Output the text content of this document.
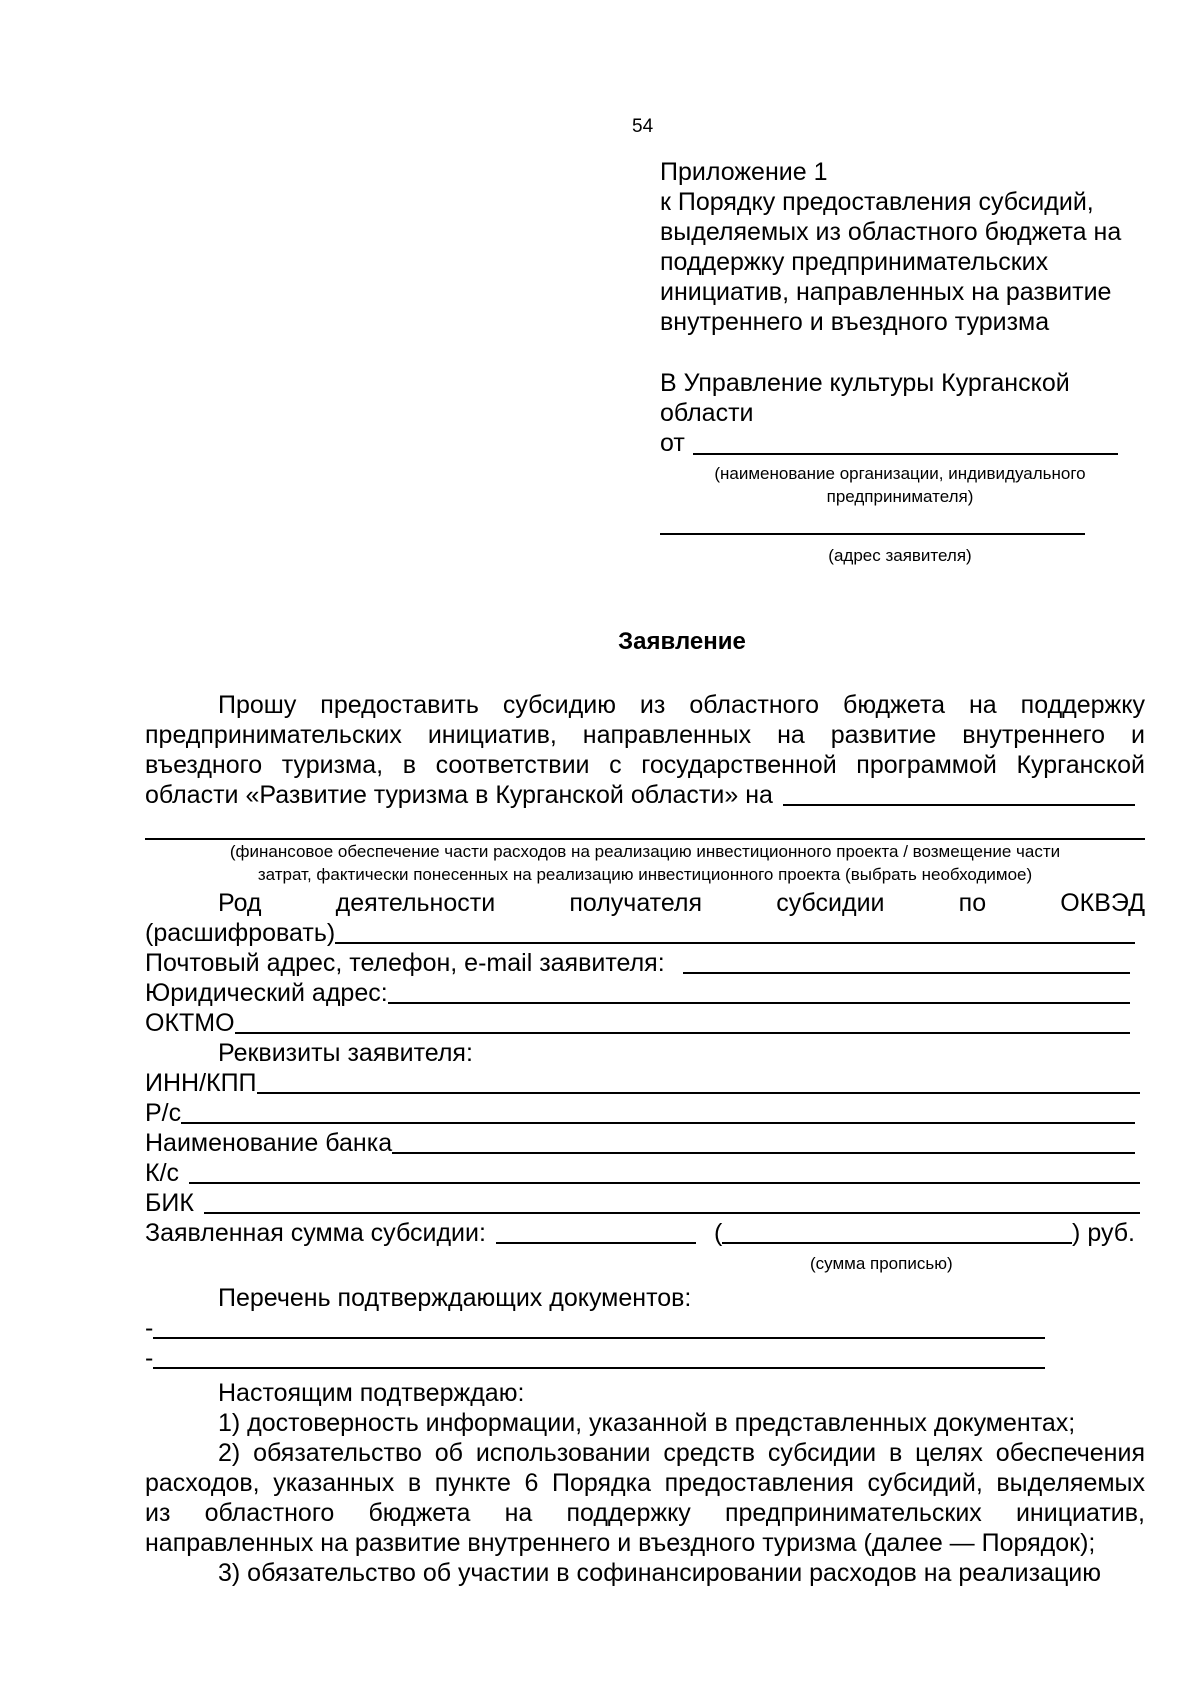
54
Приложение 1
к Порядку предоставления субсидий,
выделяемых из областного бюджета на
поддержку предпринимательских
инициатив, направленных на развитие
внутреннего и въездного туризма
В Управление культуры Курганской
области
от
(наименование организации, индивидуального
предпринимателя)
(адрес заявителя)
Заявление
Прошу предоставить субсидию из областного бюджета на поддержку
предпринимательских инициатив, направленных на развитие внутреннего и
въездного туризма, в соответствии с государственной программой Курганской
области «Развитие туризма в Курганской области» на
(финансовое обеспечение части расходов на реализацию инвестиционного проекта / возмещение части
затрат, фактически понесенных на реализацию инвестиционного проекта (выбрать необходимое)
Род деятельности получателя субсидии по ОКВЭД
(расшифровать)
Почтовый адрес, телефон, e-mail заявителя:
Юридический адрес:
ОКТМО
Реквизиты заявителя:
ИНН/КПП
Р/с
Наименование банка
К/с
БИК
Заявленная сумма субсидии:	(	) руб.
(сумма прописью)
Перечень подтверждающих документов:
-
-
Настоящим подтверждаю:
1) достоверность информации, указанной в представленных документах;
2) обязательство об использовании средств субсидии в целях обеспечения
расходов, указанных в пункте 6 Порядка предоставления субсидий, выделяемых
из областного бюджета на поддержку предпринимательских инициатив,
направленных на развитие внутреннего и въездного туризма (далее — Порядок);
3) обязательство об участии в софинансировании расходов на реализацию
